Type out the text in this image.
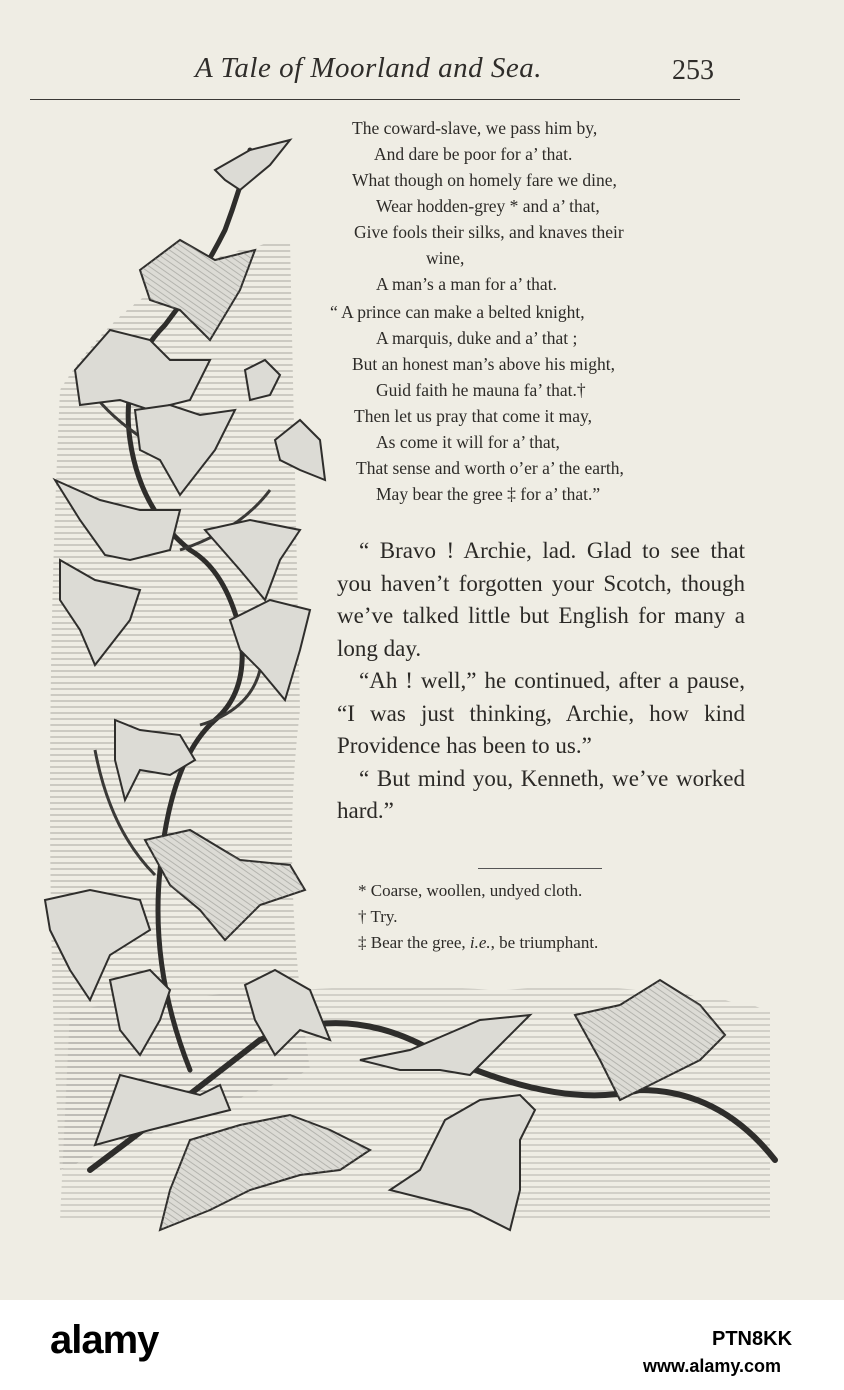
A Tale of Moorland and Sea.	253
The coward-slave, we pass him by,
And dare be poor for a’ that.
What though on homely fare we dine,
Wear hodden-grey * and a’ that,
Give fools their silks, and knaves their
wine,
A man’s a man for a’ that.
“ A prince can make a belted knight,
A marquis, duke and a’ that ;
But an honest man’s above his might,
Guid faith he mauna fa’ that.†
Then let us pray that come it may,
As come it will for a’ that,
That sense and worth o’er a’ the earth,
May bear the gree ‡ for a’ that.”

“ Bravo ! Archie, lad. Glad to see that you haven’t forgotten your Scotch, though we’ve talked little but English for many a long day.

“Ah ! well,” he continued, after a pause, “I was just thinking, Archie, how kind Providence has been to us.”

“ But mind you, Kenneth, we’ve worked hard.”

* Coarse, woollen, undyed cloth.
† Try.
‡ Bear the gree, i.e., be triumphant.
alamy	PTN8KK
www.alamy.com
